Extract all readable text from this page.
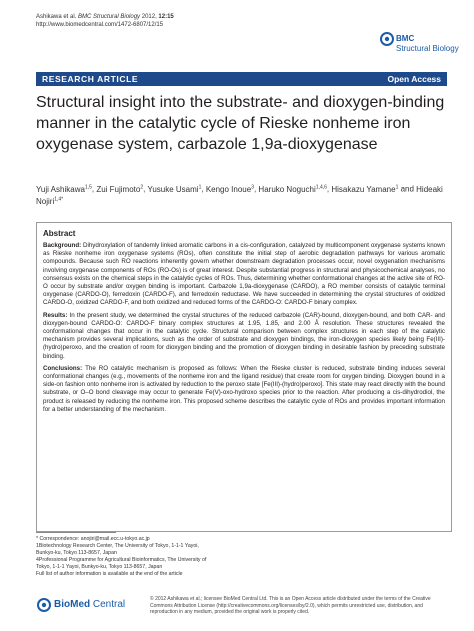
Ashikawa et al. BMC Structural Biology 2012, 12:15
http://www.biomedcentral.com/1472-6807/12/15
BMC
Structural Biology
RESEARCH ARTICLE	Open Access
Structural insight into the substrate- and dioxygen-binding manner in the catalytic cycle of Rieske nonheme iron oxygenase system, carbazole 1,9a-dioxygenase
Yuji Ashikawa$^{1,5}$, Zui Fujimoto$^2$, Yusuke Usami$^1$, Kengo Inoue$^3$, Haruko Noguchi$^{1,4,6}$, Hisakazu Yamane$^1$ and Hideaki Nojiri$^{1,4*}$
Abstract

Background: Dihydroxylation of tandemly linked aromatic carbons in a cis-configuration, catalyzed by multicomponent oxygenase systems known as Rieske nonheme iron oxygenase systems (ROs), often constitute the initial step of aerobic degradation pathways for various aromatic compounds. Because such RO reactions inherently govern whether downstream degradation processes occur, novel oxygenation mechanisms involving oxygenase components of ROs (RO-Os) is of great interest. Despite substantial progress in structural and physicochemical analyses, no consensus exists on the chemical steps in the catalytic cycles of ROs. Thus, determining whether conformational changes at the active site of RO-O occur by substrate and/or oxygen binding is important. Carbazole 1,9a-dioxygenase (CARDO), a RO member consists of catalytic terminal oxygenase (CARDO-O), ferredoxin (CARDO-F), and ferredoxin reductase. We have succeeded in determining the crystal structures of oxidized CARDO-O, oxidized CARDO-F, and both oxidized and reduced forms of the CARDO-O: CARDO-F binary complex.

Results: In the present study, we determined the crystal structures of the reduced carbazole (CAR)-bound, dioxygen-bound, and both CAR- and dioxygen-bound CARDO-O: CARDO-F binary complex structures at 1.95, 1.85, and 2.00 Å resolution. These structures revealed the conformational changes that occur in the catalytic cycle. Structural comparison between complex structures in each step of the catalytic mechanism provides several implications, such as the order of substrate and dioxygen bindings, the iron-dioxygen species likely being Fe(III)-(hydro)peroxo, and the creation of room for dioxygen binding and the promotion of dioxygen binding in desirable fashion by preceding substrate binding.

Conclusions: The RO catalytic mechanism is proposed as follows: When the Rieske cluster is reduced, substrate binding induces several conformational changes (e.g., movements of the nonheme iron and the ligand residue) that create room for oxygen binding. Dioxygen bound in a side-on fashion onto nonheme iron is activated by reduction to the peroxo state [Fe(III)-(hydro)peroxo]. This state may react directly with the bound substrate, or O–O bond cleavage may occur to generate Fe(V)-oxo-hydroxo species prior to the reaction. After producing a cis-dihydrodiol, the product is released by reducing the nonheme iron. This proposed scheme describes the catalytic cycle of ROs and provides important information for a better understanding of the mechanism.

* Correspondence: anojiri@mail.ecc.u-tokyo.ac.jp
1Biotechnology Research Center, The University of Tokyo, 1-1-1 Yayoi,
Bunkyo-ku, Tokyo 113-8657, Japan
4Professional Programme for Agricultural Bioinformatics, The University of
Tokyo, 1-1-1 Yayoi, Bunkyo-ku, Tokyo 113-8657, Japan
Full list of author information is available at the end of the article
BioMed Central	© 2012 Ashikawa et al.; licensee BioMed Central Ltd. This is an Open Access article distributed under the terms of the Creative Commons Attribution License (http://creativecommons.org/licenses/by/2.0), which permits unrestricted use, distribution, and reproduction in any medium, provided the original work is properly cited.
